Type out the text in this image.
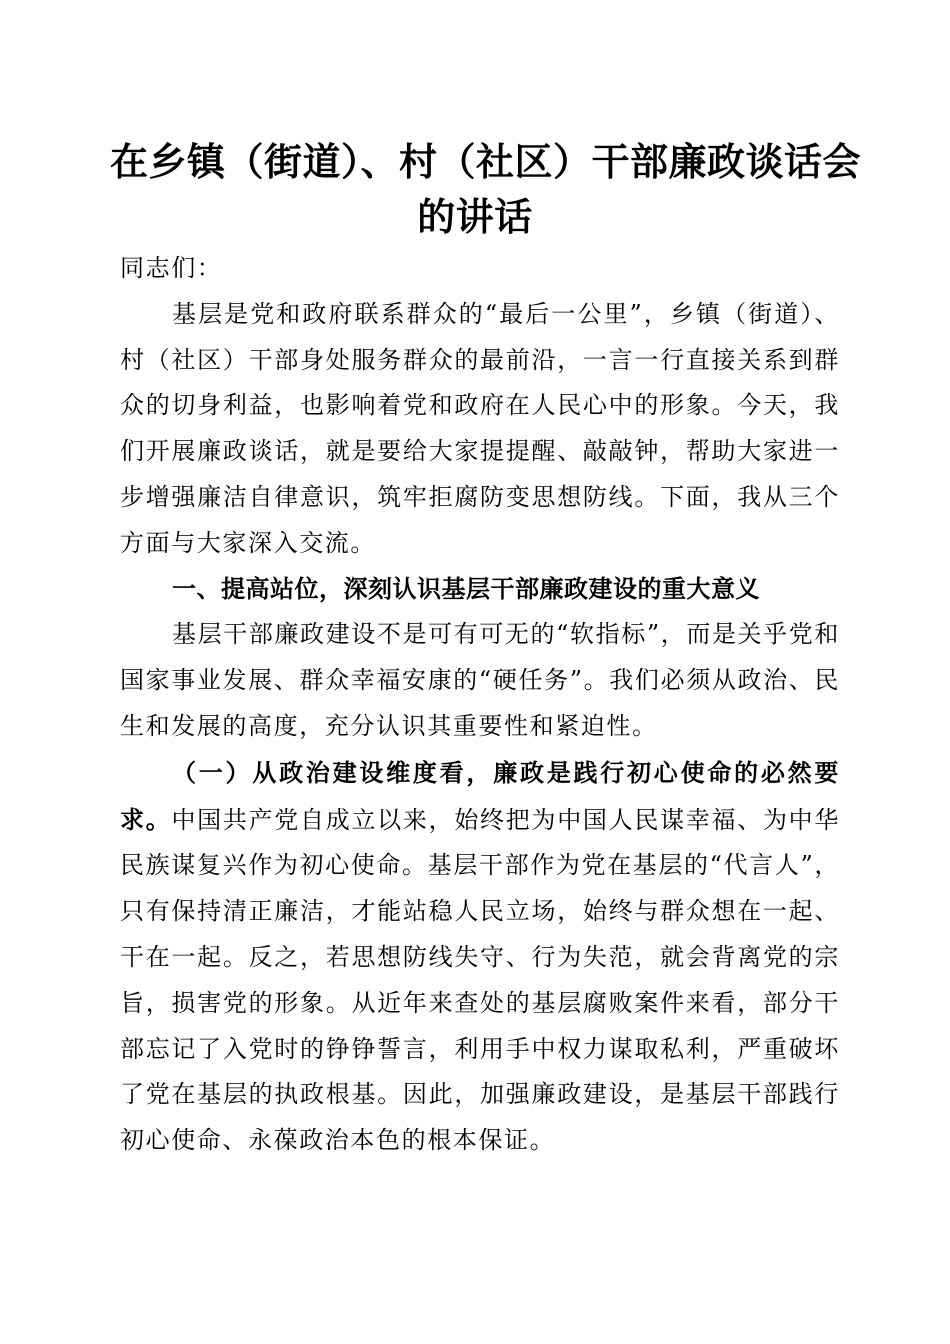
在乡镇（街道）、村（社区）干部廉政谈话会
的讲话

同志们：

基层是党和政府联系群众的“最后一公里”，乡镇（街道）、村（社区）干部身处服务群众的最前沿，一言一行直接关系到群众的切身利益，也影响着党和政府在人民心中的形象。今天，我们开展廉政谈话，就是要给大家提提醒、敲敲钟，帮助大家进一步增强廉洁自律意识，筑牢拒腐防变思想防线。下面，我从三个方面与大家深入交流。

一、提高站位，深刻认识基层干部廉政建设的重大意义

基层干部廉政建设不是可有可无的“软指标”，而是关乎党和国家事业发展、群众幸福安康的“硬任务”。我们必须从政治、民生和发展的高度，充分认识其重要性和紧迫性。

（一）从政治建设维度看，廉政是践行初心使命的必然要求。中国共产党自成立以来，始终把为中国人民谋幸福、为中华民族谋复兴作为初心使命。基层干部作为党在基层的“代言人”，只有保持清正廉洁，才能站稳人民立场，始终与群众想在一起、干在一起。反之，若思想防线失守、行为失范，就会背离党的宗旨，损害党的形象。从近年来查处的基层腐败案件来看，部分干部忘记了入党时的铮铮誓言，利用手中权力谋取私利，严重破坏了党在基层的执政根基。因此，加强廉政建设，是基层干部践行初心使命、永葆政治本色的根本保证。
